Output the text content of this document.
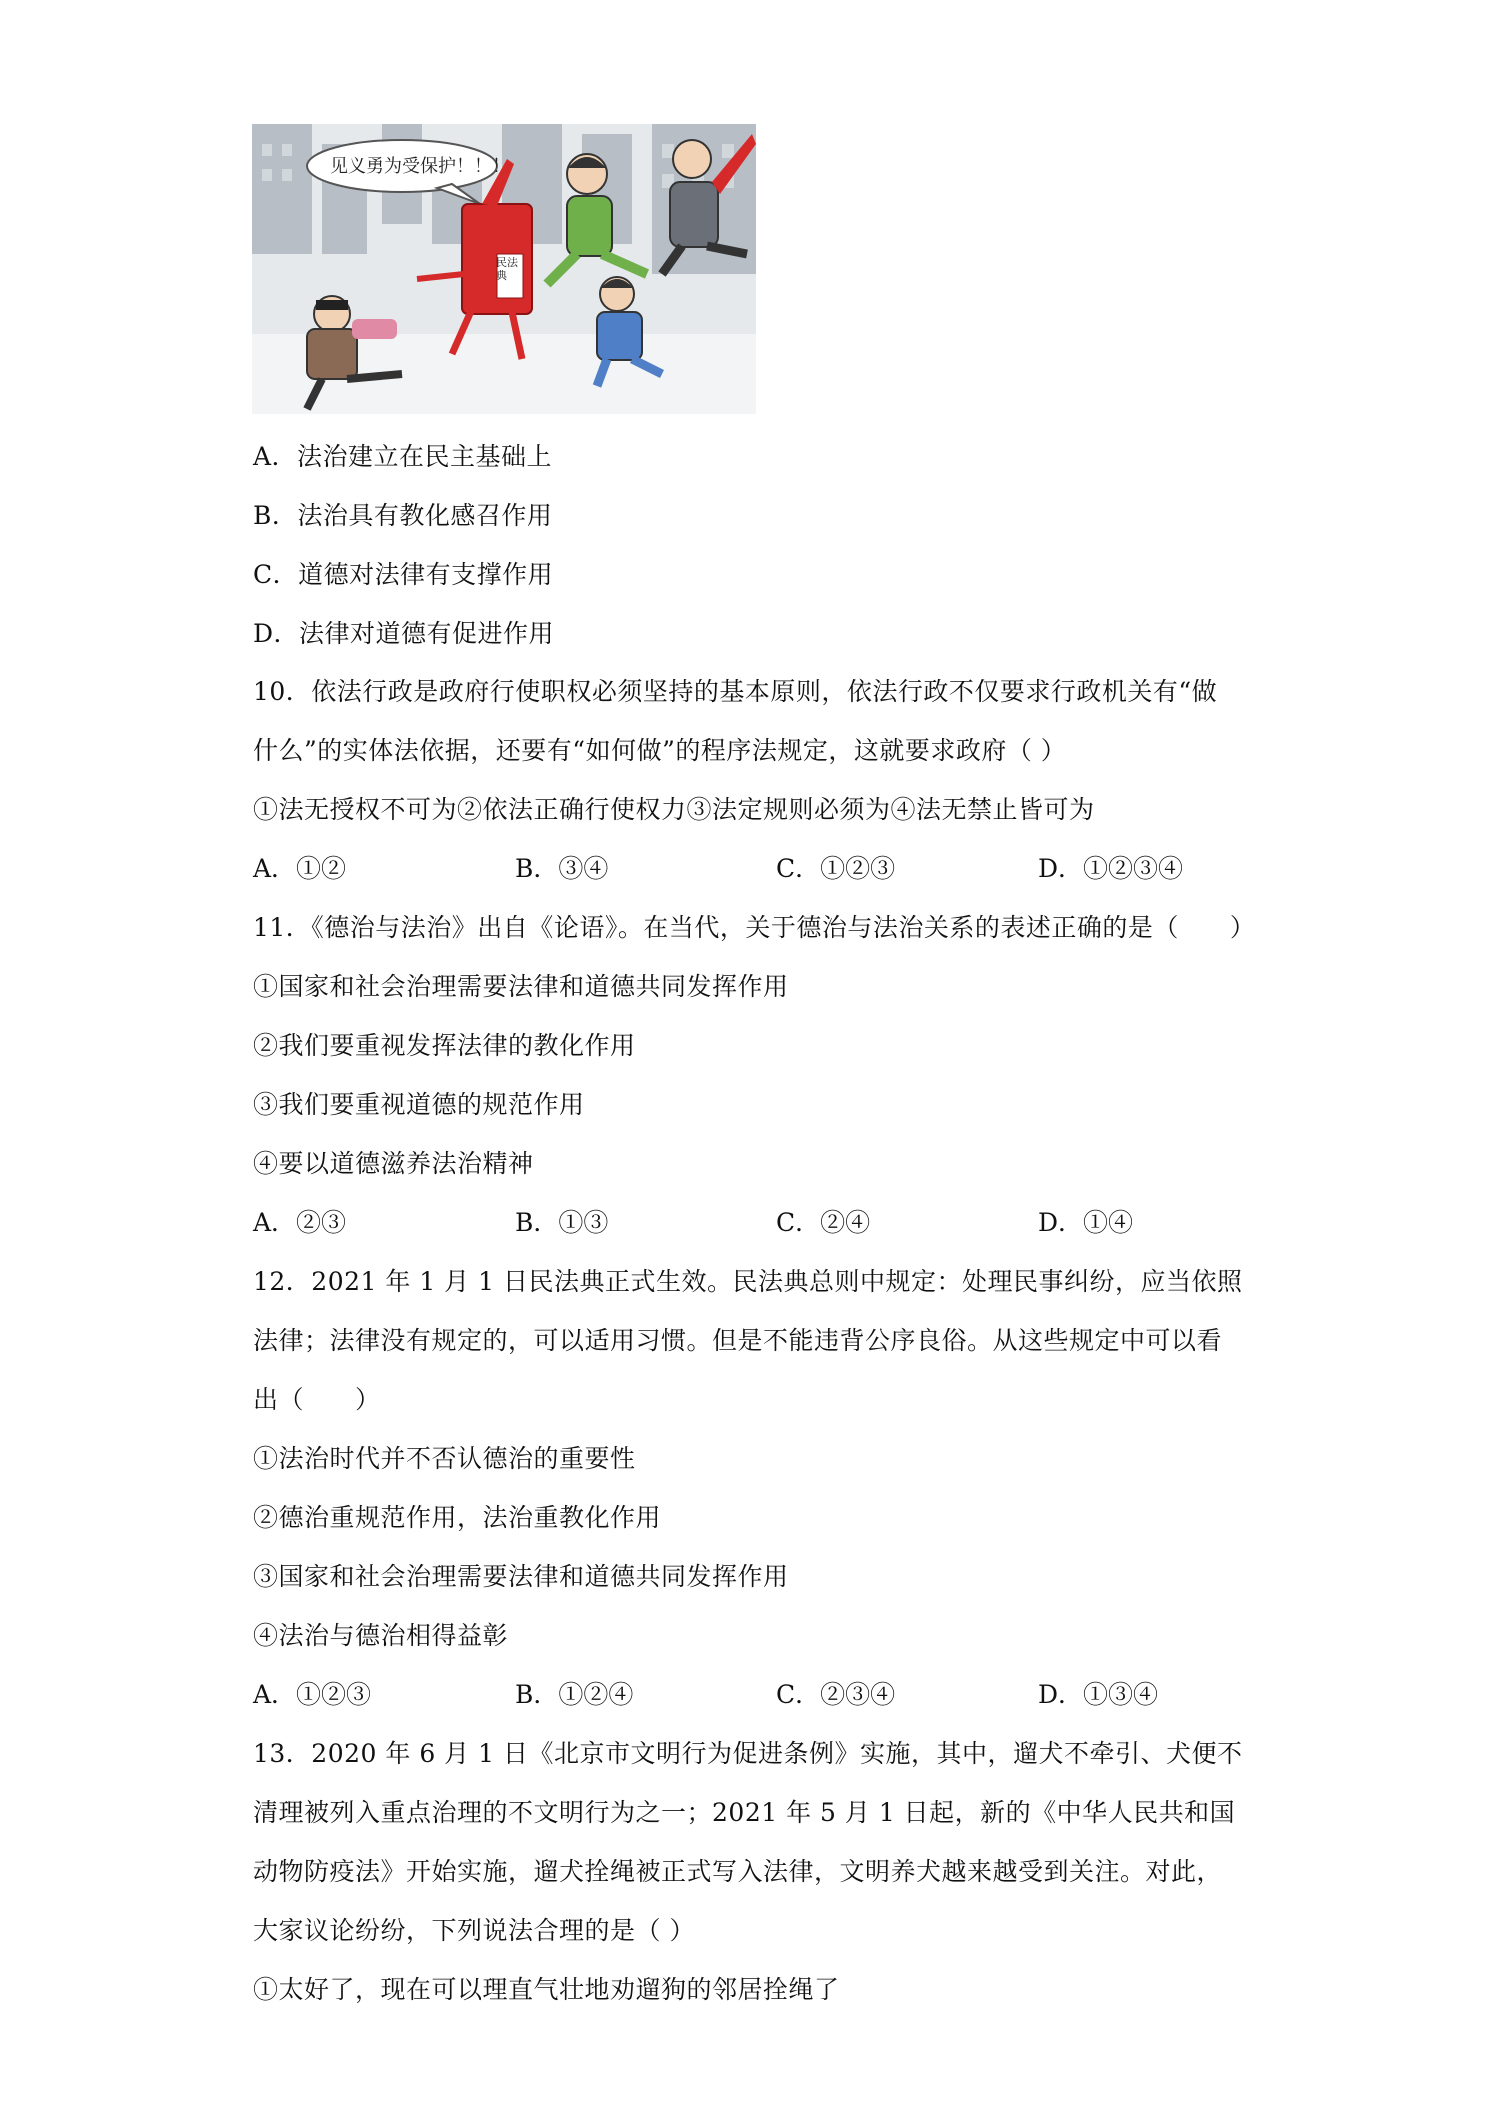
见义勇为受保护！！！
民法典
A．法治建立在民主基础上
B．法治具有教化感召作用
C．道德对法律有支撑作用
D．法律对道德有促进作用
10．依法行政是政府行使职权必须坚持的基本原则，依法行政不仅要求行政机关有“做
什么”的实体法依据，还要有“如何做”的程序法规定，这就要求政府（ ）
①法无授权不可为②依法正确行使权力③法定规则必须为④法无禁止皆可为
A．①②	B．③④	C．①②③	D．①②③④
11．《德治与法治》出自《论语》。在当代，关于德治与法治关系的表述正确的是（　　）
①国家和社会治理需要法律和道德共同发挥作用
②我们要重视发挥法律的教化作用
③我们要重视道德的规范作用
④要以道德滋养法治精神
A．②③	B．①③	C．②④	D．①④
12．2021 年 1 月 1 日民法典正式生效。民法典总则中规定：处理民事纠纷，应当依照
法律；法律没有规定的，可以适用习惯。但是不能违背公序良俗。从这些规定中可以看
出（　　）
①法治时代并不否认德治的重要性
②德治重规范作用，法治重教化作用
③国家和社会治理需要法律和道德共同发挥作用
④法治与德治相得益彰
A．①②③	B．①②④	C．②③④	D．①③④
13．2020 年 6 月 1 日《北京市文明行为促进条例》实施，其中，遛犬不牵引、犬便不
清理被列入重点治理的不文明行为之一；2021 年 5 月 1 日起，新的《中华人民共和国
动物防疫法》开始实施，遛犬拴绳被正式写入法律，文明养犬越来越受到关注。对此，
大家议论纷纷，下列说法合理的是（ ）
①太好了，现在可以理直气壮地劝遛狗的邻居拴绳了
